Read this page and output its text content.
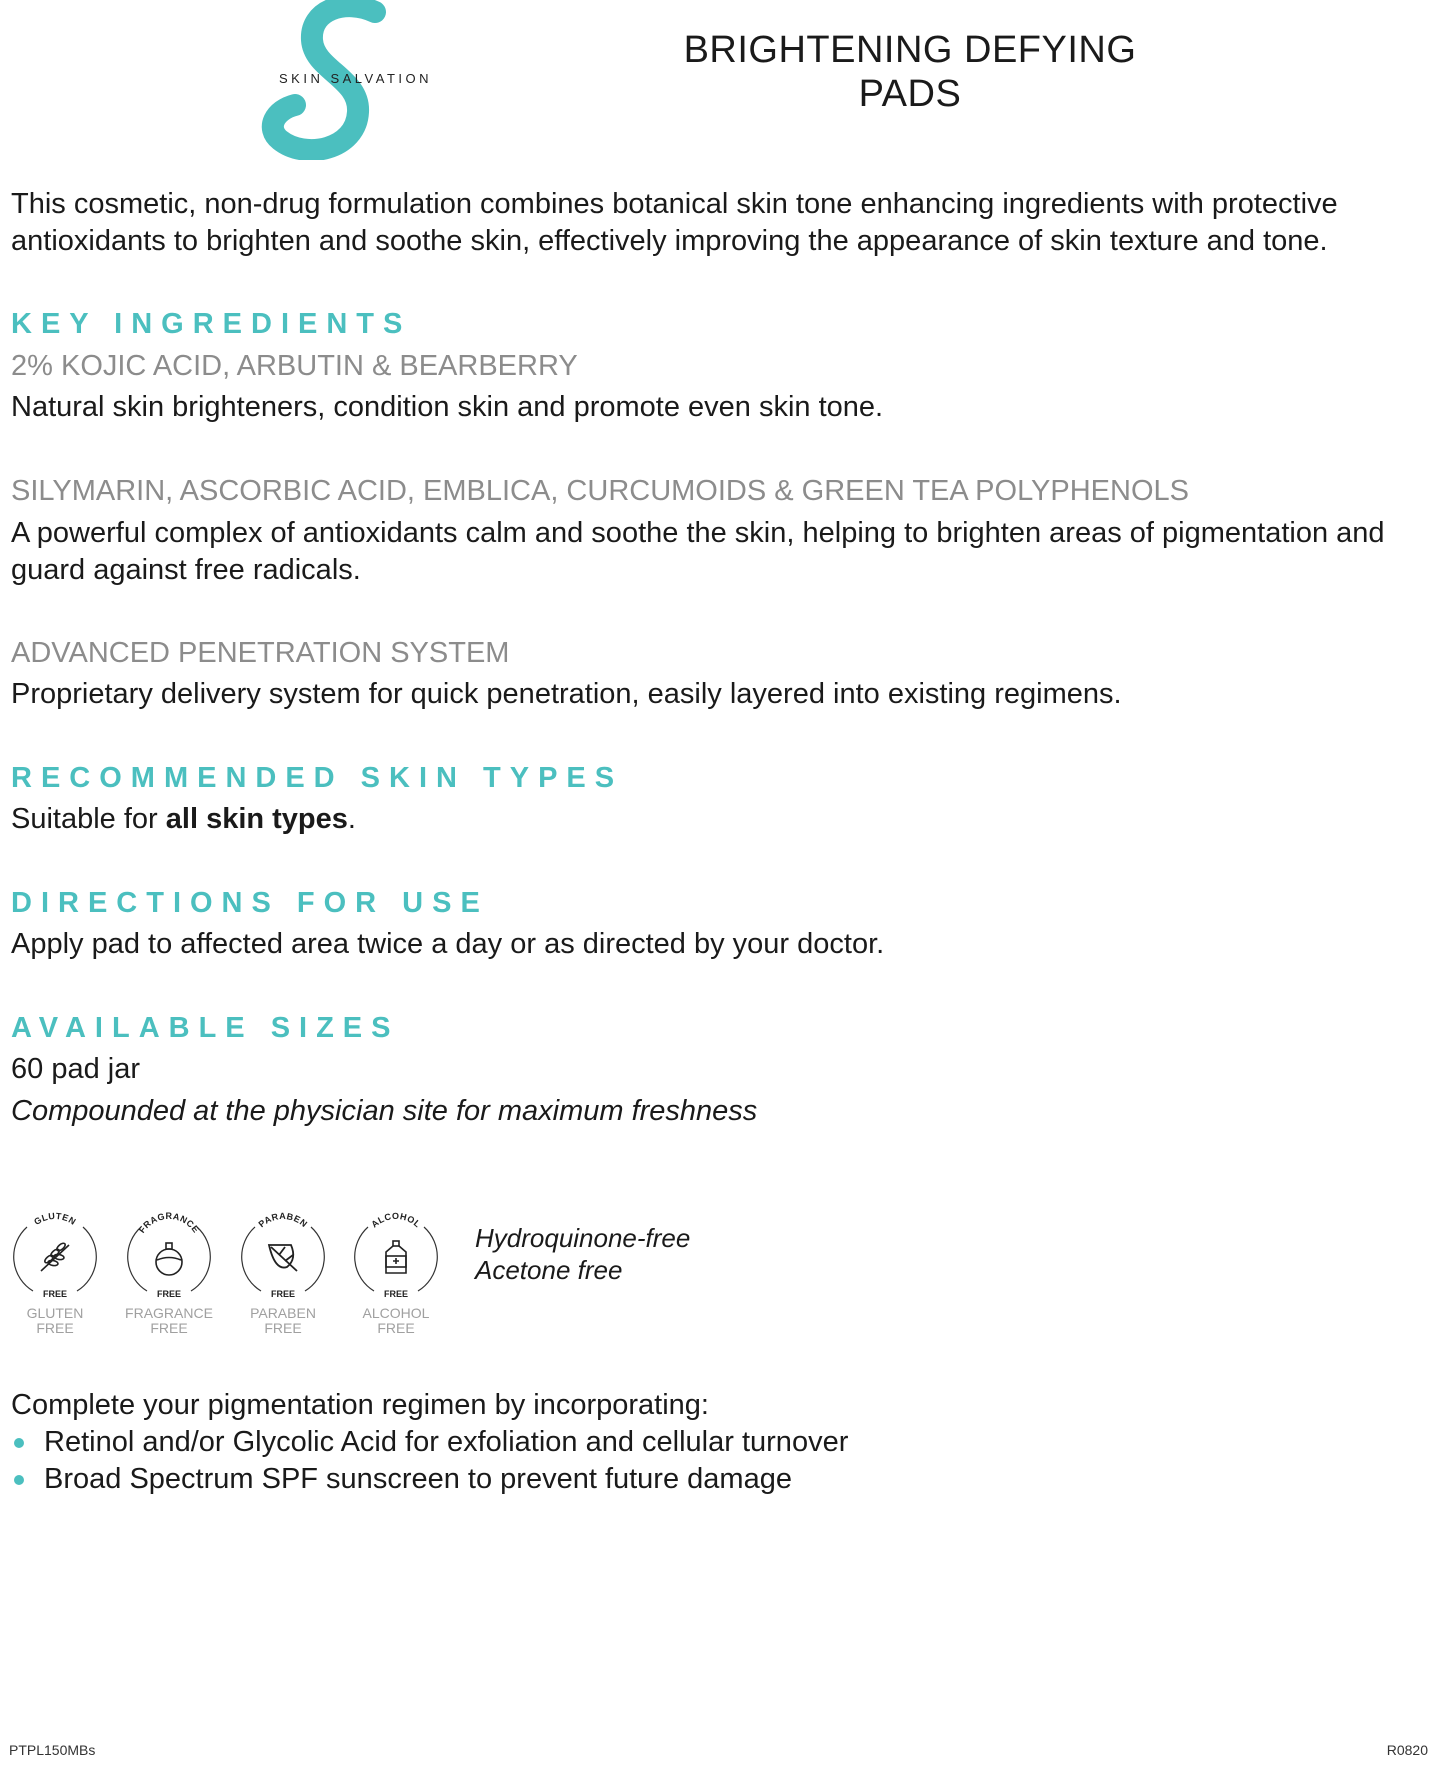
SKIN SALVATION
BRIGHTENING DEFYING
PADS
This cosmetic, non-drug formulation combines botanical skin tone enhancing ingredients with protective antioxidants to brighten and soothe skin, effectively improving the appearance of skin texture and tone.
KEY INGREDIENTS
2% KOJIC ACID, ARBUTIN & BEARBERRY
Natural skin brighteners, condition skin and promote even skin tone.
SILYMARIN, ASCORBIC ACID, EMBLICA, CURCUMOIDS & GREEN TEA POLYPHENOLS
A powerful complex of antioxidants calm and soothe the skin, helping to brighten areas of pigmentation and guard against free radicals.
ADVANCED PENETRATION SYSTEM
Proprietary delivery system for quick penetration, easily layered into existing regimens.
RECOMMENDED SKIN TYPES
Suitable for all skin types.
DIRECTIONS FOR USE
Apply pad to affected area twice a day or as directed by your doctor.
AVAILABLE SIZES
60 pad jar
Compounded at the physician site for maximum freshness
GLUTEN
FREE
GLUTEN
FREE
FRAGRANCE
FREE
FRAGRANCE
FREE
PARABEN
FREE
PARABEN
FREE
ALCOHOL
FREE
ALCOHOL
FREE
Hydroquinone-free
Acetone free
Complete your pigmentation regimen by incorporating:
Retinol and/or Glycolic Acid for exfoliation and cellular turnover
Broad Spectrum SPF sunscreen to prevent future damage
PTPL150MBs	R0820
